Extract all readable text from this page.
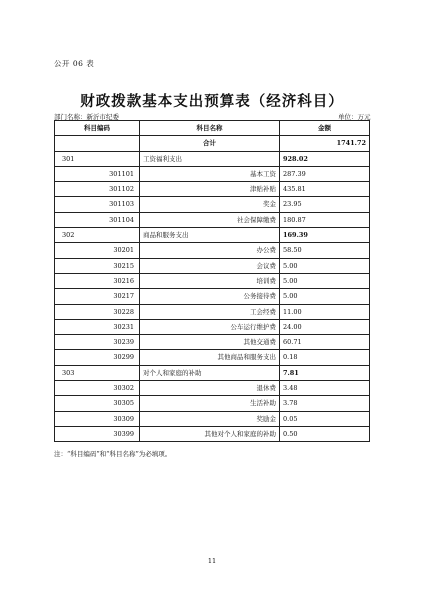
公开 06 表
财政拨款基本支出预算表（经济科目）
部门名称：新沂市纪委	单位：万元
科目编码	科目名称	金额
	合计	1741.72
301	工资福利支出	928.02
301101	基本工资	287.39
301102	津贴补贴	435.81
301103	奖金	23.95
301104	社会保障缴费	180.87
302	商品和服务支出	169.39
30201	办公费	58.50
30215	会议费	5.00
30216	培训费	5.00
30217	公务接待费	5.00
30228	工会经费	11.00
30231	公车运行维护费	24.00
30239	其他交通费	60.71
30299	其他商品和服务支出	0.18
303	对个人和家庭的补助	7.81
30302	退休费	3.48
30305	生活补助	3.78
30309	奖励金	0.05
30399	其他对个人和家庭的补助	0.50
注：“科目编码”和“科目名称”为必填项。
11
